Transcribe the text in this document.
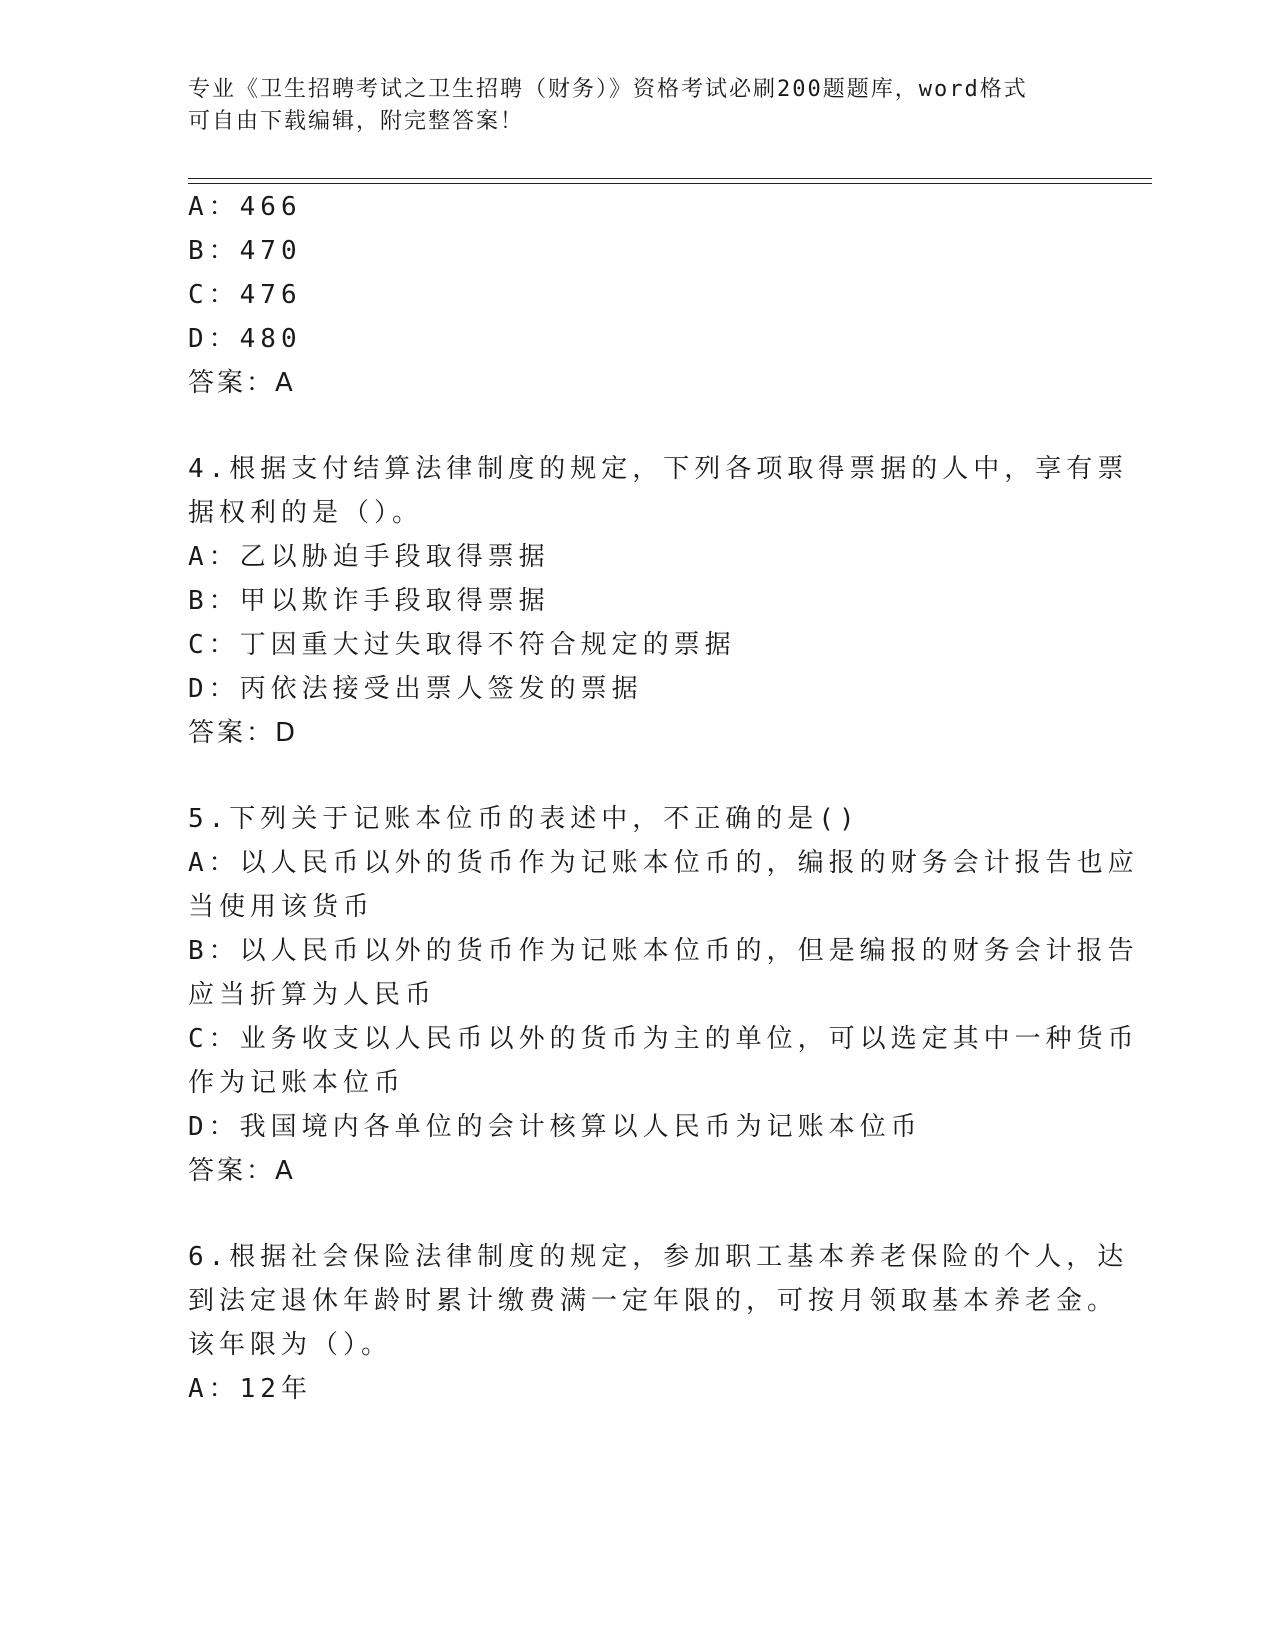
专业《卫生招聘考试之卫生招聘（财务）》资格考试必刷200题题库，word格式
可自由下载编辑，附完整答案！
A：466
B：470
C：476
D：480
答案：A
4.根据支付结算法律制度的规定，下列各项取得票据的人中，享有票
据权利的是（）。
A：乙以胁迫手段取得票据
B：甲以欺诈手段取得票据
C：丁因重大过失取得不符合规定的票据
D：丙依法接受出票人签发的票据
答案：D
5.下列关于记账本位币的表述中，不正确的是()
A：以人民币以外的货币作为记账本位币的，编报的财务会计报告也应
当使用该货币
B：以人民币以外的货币作为记账本位币的，但是编报的财务会计报告
应当折算为人民币
C：业务收支以人民币以外的货币为主的单位，可以选定其中一种货币
作为记账本位币
D：我国境内各单位的会计核算以人民币为记账本位币
答案：A
6.根据社会保险法律制度的规定，参加职工基本养老保险的个人，达
到法定退休年龄时累计缴费满一定年限的，可按月领取基本养老金。
该年限为（）。
A：12年
